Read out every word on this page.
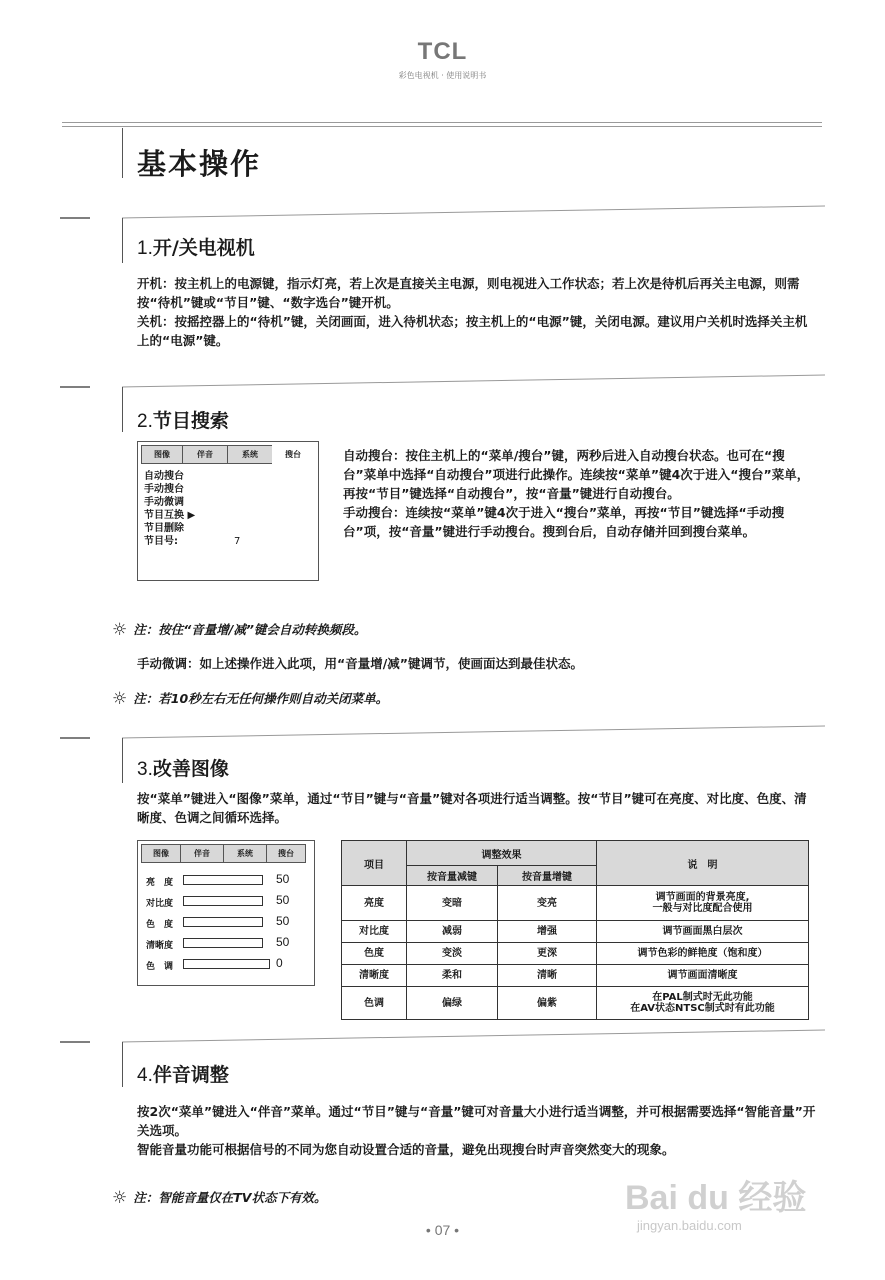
TCL
彩色电视机 · 使用说明书
基本操作
1.开/关电视机

开机：按主机上的电源键，指示灯亮，若上次是直接关主电源，则电视进入工作状态；若上次是待机后再关主电源，则需按“待机”键或“节目”键、“数字选台”键开机。

关机：按摇控器上的“待机”键，关闭画面，进入待机状态；按主机上的“电源”键，关闭电源。建议用户关机时选择关主机上的“电源”键。

2.节目搜索
图像	伴音	系统	搜台
自动搜台
手动搜台
手动微调
节目互换 ▶
节目删除
节目号:	7

自动搜台：按住主机上的“菜单/搜台”键，两秒后进入自动搜台状态。也可在“搜台”菜单中选择“自动搜台”项进行此操作。连续按“菜单”键4次于进入“搜台”菜单，再按“节目”键选择“自动搜台”，按“音量”键进行自动搜台。

手动搜台：连续按“菜单”键4次于进入“搜台”菜单，再按“节目”键选择“手动搜台”项，按“音量”键进行手动搜台。搜到台后，自动存储并回到搜台菜单。

☼ 注：按住“音量增/减”键会自动转换频段。
手动微调：如上述操作进入此项，用“音量增/减”键调节，使画面达到最佳状态。
☼ 注：若10秒左右无任何操作则自动关闭菜单。
3.改善图像
按“菜单”键进入“图像”菜单，通过“节目”键与“音量”键对各项进行适当调整。按“节目”键可在亮度、对比度、色度、清晰度、色调之间循环选择。
图像	伴音	系统	搜台
亮　度	50
对比度	50
色　度	50
清晰度	50
色　调	0
项目	调整效果		说　明
	按音量减键	按音量增键	
亮度	变暗	变亮	调节画面的背景亮度,
一般与对比度配合使用

对比度	减弱	增强	调节画面黑白层次
色度	变淡	更深	调节色彩的鲜艳度（饱和度）
清晰度	柔和	清晰	调节画面清晰度
色调	偏绿	偏紫	在PAL制式时无此功能
在AV状态NTSC制式时有此功能
4.伴音调整

按2次“菜单”键进入“伴音”菜单。通过“节目”键与“音量”键可对音量大小进行适当调整，并可根据需要选择“智能音量”开关选项。

智能音量功能可根据信号的不同为您自动设置合适的音量，避免出现搜台时声音突然变大的现象。

☼ 注：智能音量仅在TV状态下有效。
• 07 •
Bai du 经验
jingyan.baidu.com
